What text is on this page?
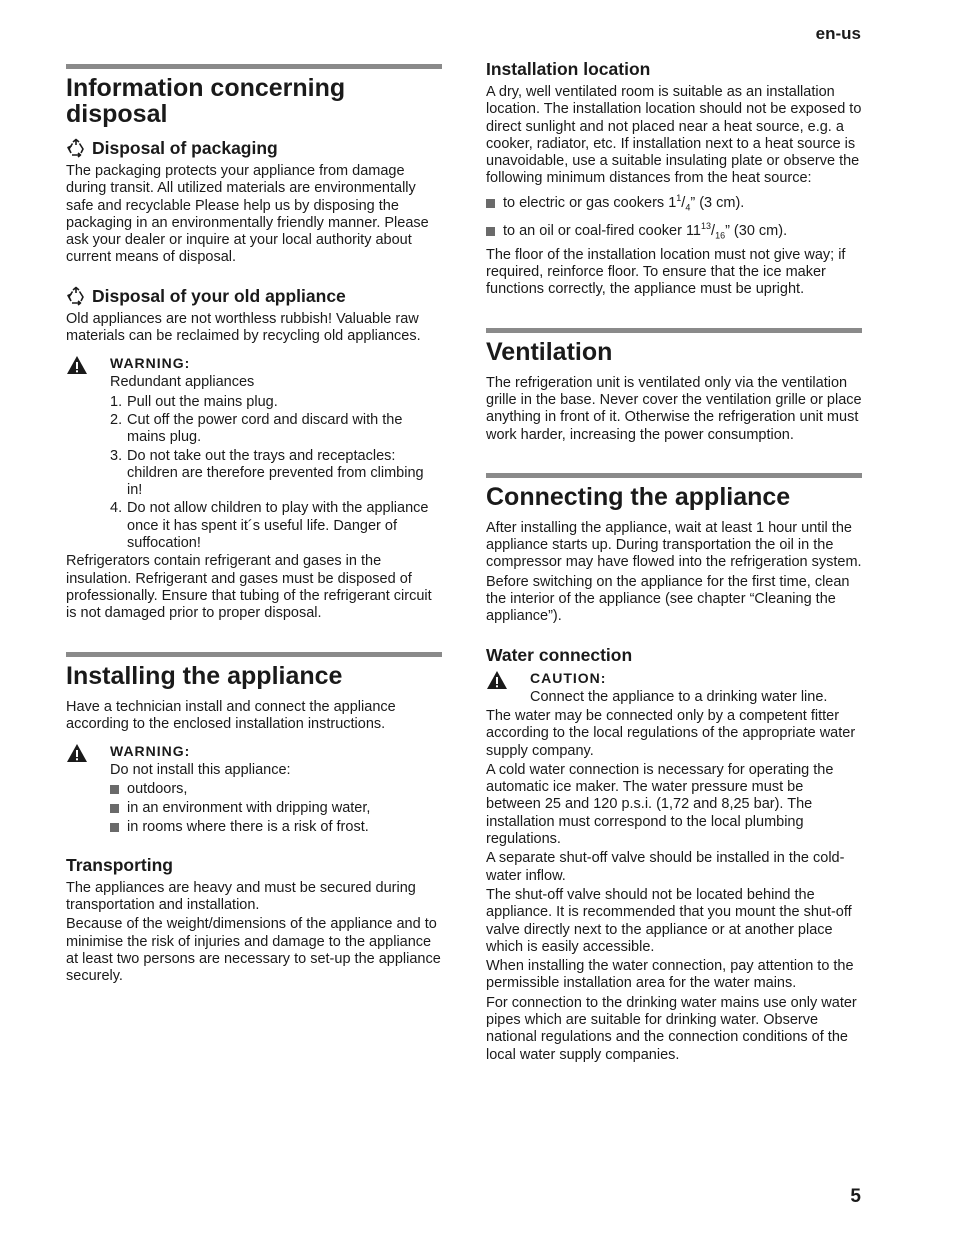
en-us
Information concerning disposal
Disposal of packaging

The packaging protects your appliance from damage during transit. All utilized materials are environmentally safe and recyclable Please help us by disposing the packaging in an environmentally friendly manner. Please ask your dealer or inquire at your local authority about current means of disposal.

Disposal of your old appliance

Old appliances are not worthless rubbish! Valuable raw materials can be reclaimed by recycling old appliances.

WARNING:

Redundant appliances

1. Pull out the mains plug.
2. Cut off the power cord and discard with the mains plug.
3. Do not take out the trays and receptacles: children are therefore prevented from climbing in!
4. Do not allow children to play with the appliance once it has spent it´s useful life. Danger of suffocation!

Refrigerators contain refrigerant and gases in the insulation. Refrigerant and gases must be disposed of professionally. Ensure that tubing of the refrigerant circuit is not damaged prior to proper disposal.

Installing the appliance

Have a technician install and connect the appliance according to the enclosed installation instructions.

WARNING:

Do not install this appliance:

outdoors,
in an environment with dripping water,
in rooms where there is a risk of frost.
Transporting

The appliances are heavy and must be secured during transportation and installation.

Because of the weight/dimensions of the appliance and to minimise the risk of injuries and damage to the appliance at least two persons are necessary to set-up the appliance securely.

Installation location

A dry, well ventilated room is suitable as an installation location. The installation location should not be exposed to direct sunlight and not placed near a heat source, e.g. a cooker, radiator, etc. If installation next to a heat source is unavoidable, use a suitable insulating plate or observe the following minimum distances from the heat source:

to electric or gas cookers $1^1/_4$” (3 cm).
to an oil or coal-fired cooker $11^{13}/_{16}$” (30 cm).

The floor of the installation location must not give way; if required, reinforce floor. To ensure that the ice maker functions correctly, the appliance must be upright.

Ventilation

The refrigeration unit is ventilated only via the ventilation grille in the base. Never cover the ventilation grille or place anything in front of it. Otherwise the refrigeration unit must work harder, increasing the power consumption.

Connecting the appliance

After installing the appliance, wait at least 1 hour until the appliance starts up. During transportation the oil in the compressor may have flowed into the refrigeration system.

Before switching on the appliance for the first time, clean the interior of the appliance (see chapter “Cleaning the appliance”).

Water connection
CAUTION:

Connect the appliance to a drinking water line.

The water may be connected only by a competent fitter according to the local regulations of the appropriate water supply company.

A cold water connection is necessary for operating the automatic ice maker. The water pressure must be between 25 and 120 p.s.i. (1,72 and 8,25 bar). The installation must correspond to the local plumbing regulations.

A separate shut-off valve should be installed in the cold-water inflow.

The shut-off valve should not be located behind the appliance. It is recommended that you mount the shut-off valve directly next to the appliance or at another place which is easily accessible.

When installing the water connection, pay attention to the permissible installation area for the water mains.

For connection to the drinking water mains use only water pipes which are suitable for drinking water. Observe national regulations and the connection conditions of the local water supply companies.

5
